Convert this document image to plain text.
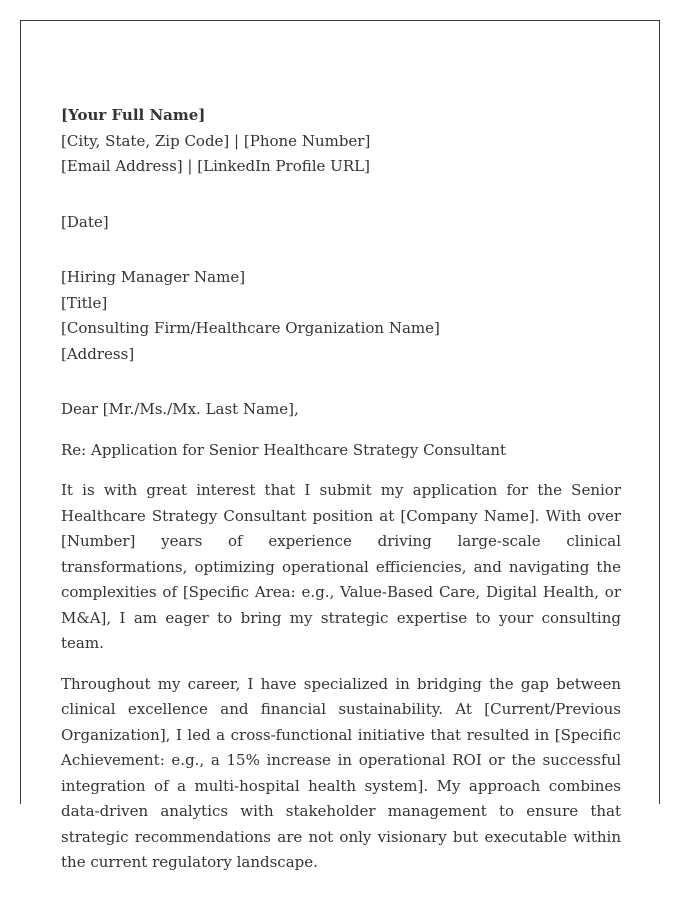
[Your Full Name]
[City, State, Zip Code] | [Phone Number]
[Email Address] | [LinkedIn Profile URL]
[Date]
[Hiring Manager Name]
[Title]
[Consulting Firm/Healthcare Organization Name]
[Address]
Dear [Mr./Ms./Mx. Last Name],
Re: Application for Senior Healthcare Strategy Consultant

It is with great interest that I submit my application for the Senior Healthcare Strategy Consultant position at [Company Name]. With over [Number] years of experience driving large-scale clinical transformations, optimizing operational efficiencies, and navigating the complexities of [Specific Area: e.g., Value-Based Care, Digital Health, or M&A], I am eager to bring my strategic expertise to your consulting team.

Throughout my career, I have specialized in bridging the gap between clinical excellence and financial sustainability. At [Current/Previous Organization], I led a cross-functional initiative that resulted in [Specific Achievement: e.g., a 15% increase in operational ROI or the successful integration of a multi-hospital health system]. My approach combines data-driven analytics with stakeholder management to ensure that strategic recommendations are not only visionary but executable within the current regulatory landscape.
